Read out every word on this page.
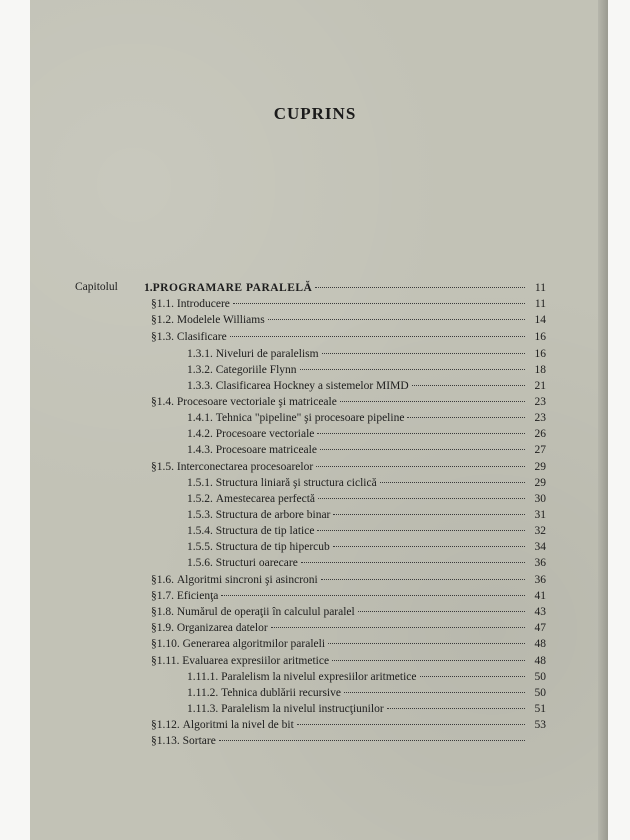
CUPRINS
Capitolul 1. PROGRAMARE PARALELĂ	11
§1.1. Introducere	11
§1.2. Modelele Williams	14
§1.3. Clasificare	16
1.3.1. Niveluri de paralelism	16
1.3.2. Categoriile Flynn	18
1.3.3. Clasificarea Hockney a sistemelor MIMD	21
§1.4. Procesoare vectoriale şi matriceale	23
1.4.1. Tehnica "pipeline" şi procesoare pipeline	23
1.4.2. Procesoare vectoriale	26
1.4.3. Procesoare matriceale	27
§1.5. Interconectarea procesoarelor	29
1.5.1. Structura liniară şi structura ciclică	29
1.5.2. Amestecarea perfectă	30
1.5.3. Structura de arbore binar	31
1.5.4. Structura de tip latice	32
1.5.5. Structura de tip hipercub	34
1.5.6. Structuri oarecare	36
§1.6. Algoritmi sincroni şi asincroni	36
§1.7. Eficienţa	41
§1.8. Numărul de operaţii în calculul paralel	43
§1.9. Organizarea datelor	47
§1.10. Generarea algoritmilor paraleli	48
§1.11. Evaluarea expresiilor aritmetice	48
1.11.1. Paralelism la nivelul expresiilor aritmetice	50
1.11.2. Tehnica dublării recursive	50
1.11.3. Paralelism la nivelul instrucţiunilor	51
§1.12. Algoritmi la nivel de bit	53
§1.13. Sortare
